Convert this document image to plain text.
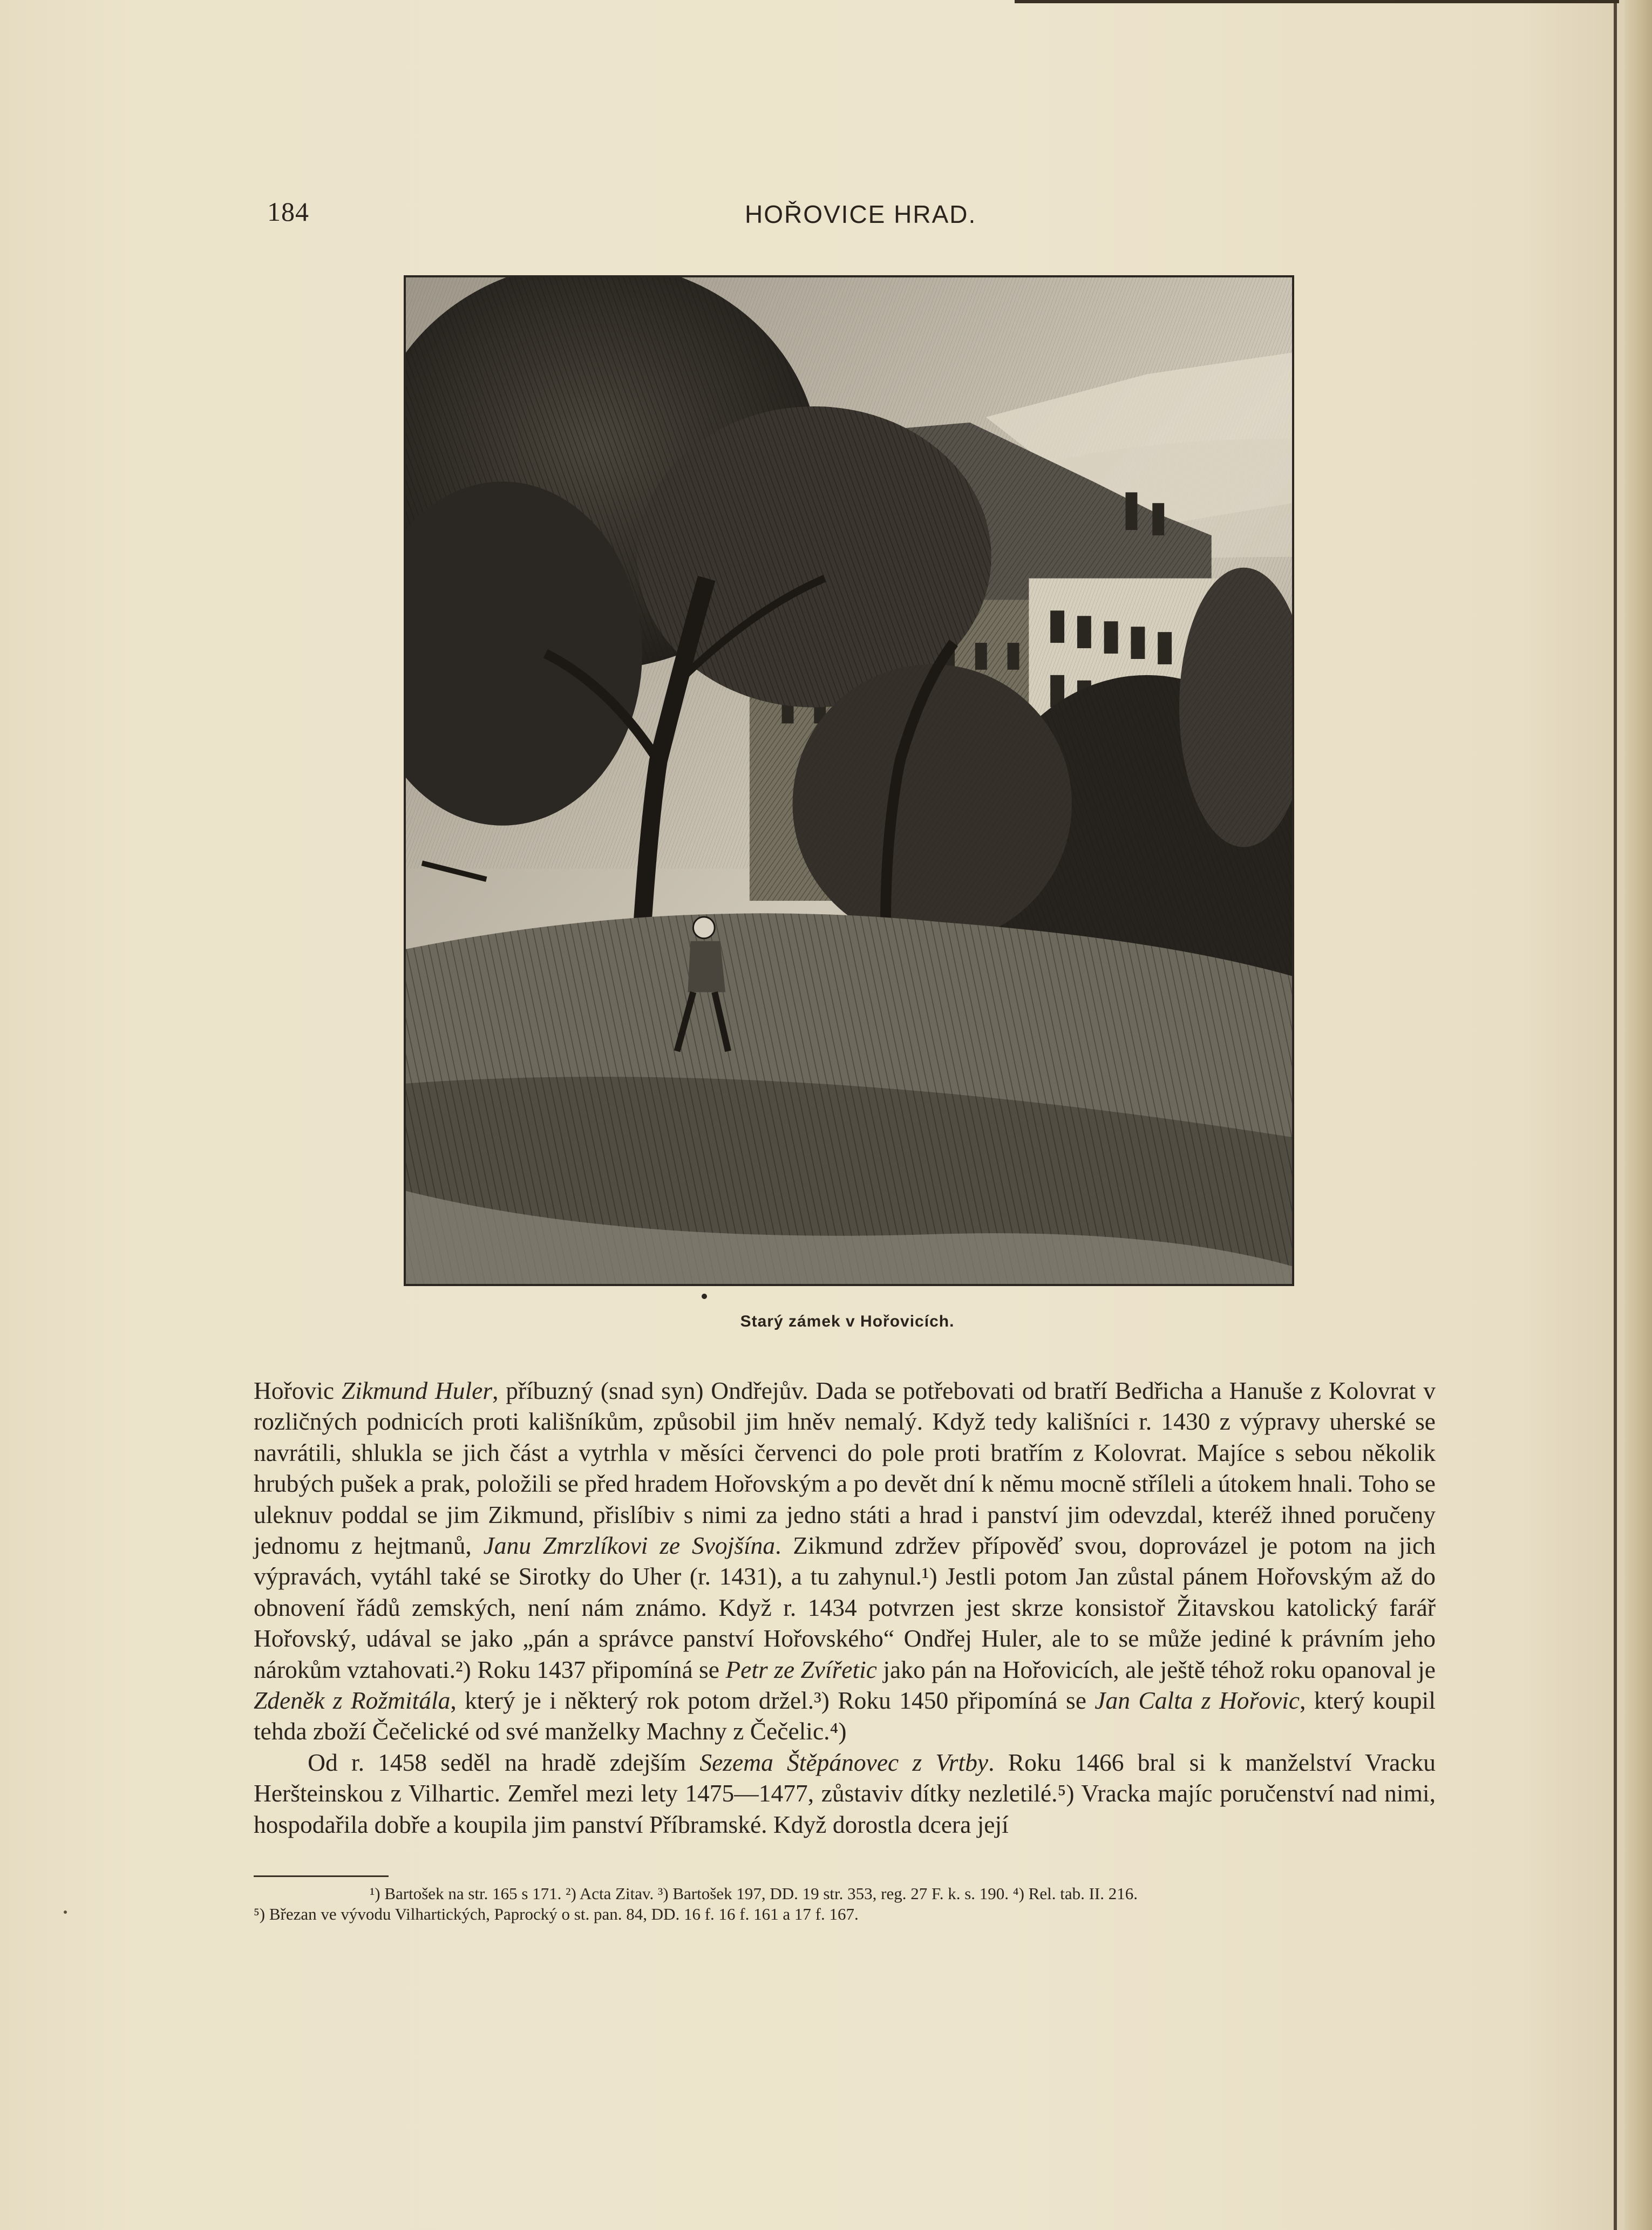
184	HOŘOVICE HRAD.
Starý zámek v Hořovicích.

Hořovic Zikmund Huler, příbuzný (snad syn) Ondřejův. Dada se potřebovati od bratří Bedřicha a Hanuše z Kolovrat v rozličných podnicích proti kališníkům, způsobil jim hněv nemalý. Když tedy kališníci r. 1430 z výpravy uherské se navrátili, shlukla se jich část a vytrhla v měsíci červenci do pole proti bratřím z Kolovrat. Majíce s sebou několik hrubých pušek a prak, položili se před hradem Hořovským a po devět dní k němu mocně stříleli a útokem hnali. Toho se uleknuv poddal se jim Zikmund, přislíbiv s nimi za jedno státi a hrad i panství jim odevzdal, kteréž ihned poručeny jednomu z hejtmanů, Janu Zmrzlíkovi ze Svojšína. Zikmund zdržev přípověď svou, doprovázel je potom na jich výpravách, vytáhl také se Sirotky do Uher (r. 1431), a tu zahynul.¹) Jestli potom Jan zůstal pánem Hořovským až do obnovení řádů zemských, není nám známo. Když r. 1434 potvrzen jest skrze konsistoř Žitavskou katolický farář Hořovský, udával se jako „pán a správce panství Hořovského“ Ondřej Huler, ale to se může jediné k právním jeho nárokům vztahovati.²) Roku 1437 připomíná se Petr ze Zvířetic jako pán na Hořovicích, ale ještě téhož roku opanoval je Zdeněk z Rožmitála, který je i některý rok potom držel.³) Roku 1450 připomíná se Jan Calta z Hořovic, který koupil tehda zboží Čečelické od své manželky Machny z Čečelic.⁴)

Od r. 1458 seděl na hradě zdejším Sezema Štěpánovec z Vrtby. Roku 1466 bral si k manželství Vracku Heršteinskou z Vilhartic. Zemřel mezi lety 1475—1477, zůstaviv dítky nezletilé.⁵) Vracka majíc poručenství nad nimi, hospodařila dobře a koupila jim panství Příbramské. Když dorostla dcera její

¹) Bartošek na str. 165 s 171. ²) Acta Zitav. ³) Bartošek 197, DD. 19 str. 353, reg. 27 F. k. s. 190. ⁴) Rel. tab. II. 216.
⁵) Březan ve vývodu Vilhartických, Paprocký o st. pan. 84, DD. 16 f. 16 f. 161 a 17 f. 167.
